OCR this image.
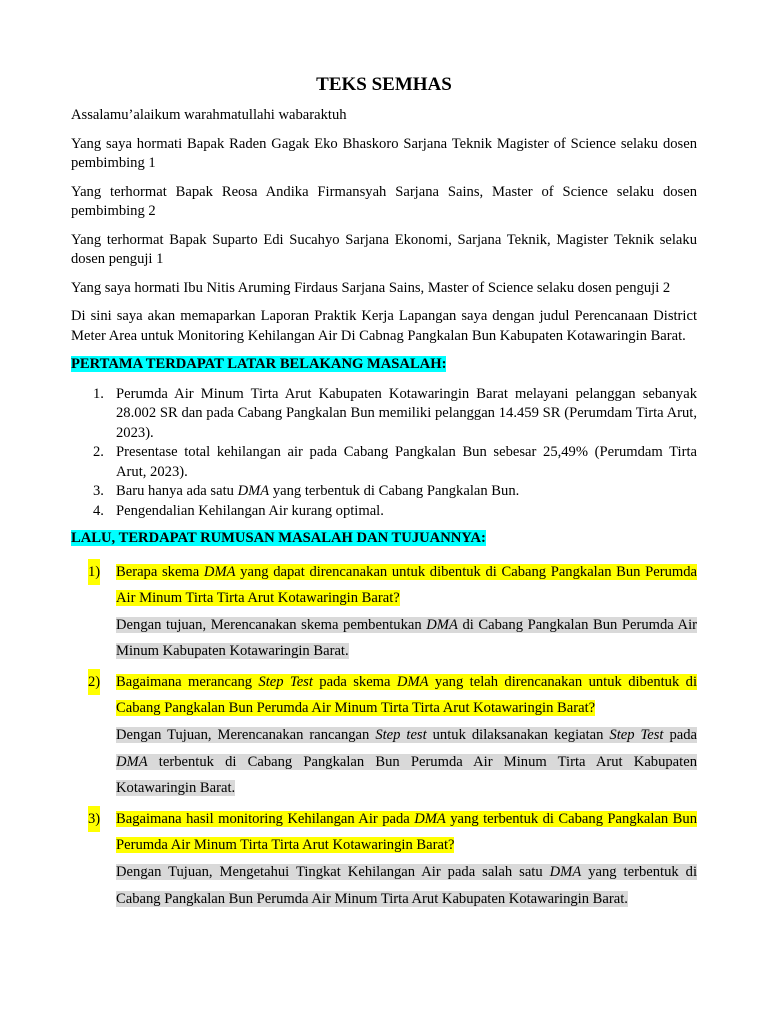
TEKS SEMHAS

Assalamu’alaikum warahmatullahi wabaraktuh

Yang saya hormati Bapak Raden Gagak Eko Bhaskoro Sarjana Teknik Magister of Science selaku dosen pembimbing 1

Yang terhormat Bapak Reosa Andika Firmansyah Sarjana Sains, Master of Science selaku dosen pembimbing 2

Yang terhormat Bapak Suparto Edi Sucahyo Sarjana Ekonomi, Sarjana Teknik, Magister Teknik selaku dosen penguji 1

Yang saya hormati Ibu Nitis Aruming Firdaus Sarjana Sains, Master of Science selaku dosen penguji 2

Di sini saya akan memaparkan Laporan Praktik Kerja Lapangan saya dengan judul Perencanaan District Meter Area untuk Monitoring Kehilangan Air Di Cabnag Pangkalan Bun Kabupaten Kotawaringin Barat.

PERTAMA TERDAPAT LATAR BELAKANG MASALAH:

1. Perumda Air Minum Tirta Arut Kabupaten Kotawaringin Barat melayani pelanggan sebanyak 28.002 SR dan pada Cabang Pangkalan Bun memiliki pelanggan 14.459 SR (Perumdam Tirta Arut, 2023).
2. Presentase total kehilangan air pada Cabang Pangkalan Bun sebesar 25,49% (Perumdam Tirta Arut, 2023).
3. Baru hanya ada satu DMA yang terbentuk di Cabang Pangkalan Bun.
4. Pengendalian Kehilangan Air kurang optimal.

LALU, TERDAPAT RUMUSAN MASALAH DAN TUJUANNYA:

1) Berapa skema DMA yang dapat direncanakan untuk dibentuk di Cabang Pangkalan Bun Perumda Air Minum Tirta Tirta Arut Kotawaringin Barat?
Dengan tujuan, Merencanakan skema pembentukan DMA di Cabang Pangkalan Bun Perumda Air Minum Kabupaten Kotawaringin Barat.
2) Bagaimana merancang Step Test pada skema DMA yang telah direncanakan untuk dibentuk di Cabang Pangkalan Bun Perumda Air Minum Tirta Tirta Arut Kotawaringin Barat?
Dengan Tujuan, Merencanakan rancangan Step test untuk dilaksanakan kegiatan Step Test pada DMA terbentuk di Cabang Pangkalan Bun Perumda Air Minum Tirta Arut Kabupaten Kotawaringin Barat.
3) Bagaimana hasil monitoring Kehilangan Air pada DMA yang terbentuk di Cabang Pangkalan Bun Perumda Air Minum Tirta Tirta Arut Kotawaringin Barat?
Dengan Tujuan, Mengetahui Tingkat Kehilangan Air pada salah satu DMA yang terbentuk di Cabang Pangkalan Bun Perumda Air Minum Tirta Arut Kabupaten Kotawaringin Barat.
